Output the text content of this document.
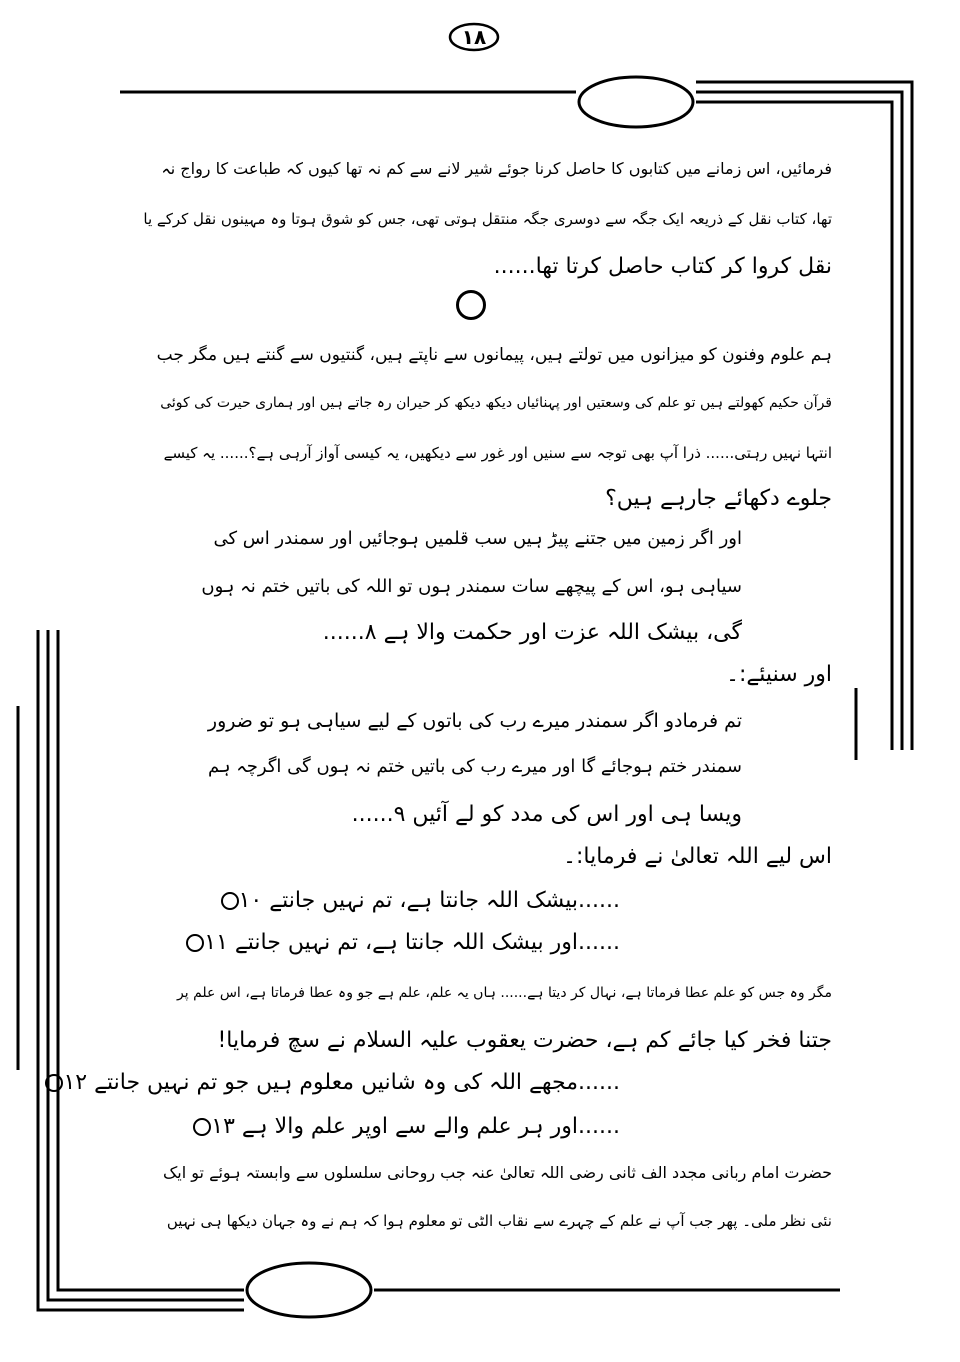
١٨
فرمائیں، اس زمانے میں کتابوں کا حاصل کرنا جوئے شیر لانے سے کم نہ تھا کیوں کہ طباعت کا رواج نہ
تھا، کتاب نقل کے ذریعہ ایک جگہ سے دوسری جگہ منتقل ہوتی تھی، جس کو شوق ہوتا وہ مہینوں نقل کرکے یا
نقل کروا کر کتاب حاصل کرتا تھا......
ہم علوم وفنون کو میزانوں میں تولتے ہیں، پیمانوں سے ناپتے ہیں، گنتیوں سے گنتے ہیں مگر جب
قرآن حکیم کھولتے ہیں تو علم کی وسعتیں اور پہنائیاں دیکھ دیکھ کر حیران رہ جاتے ہیں اور ہماری حیرت کی کوئی
انتہا نہیں رہتی...... ذرا آپ بھی توجہ سے سنیں اور غور سے دیکھیں، یہ کیسی آواز آرہی ہے؟...... یہ کیسے
جلوے دکھائے جارہے ہیں؟
اور اگر زمین میں جتنے پیڑ ہیں سب قلمیں ہوجائیں اور سمندر اس کی
سیاہی ہو، اس کے پیچھے سات سمندر ہوں تو اللہ کی باتیں ختم نہ ہوں
گی، بیشک اللہ عزت اور حکمت والا ہے ۸......
اور سنیئے:۔
تم فرمادو اگر سمندر میرے رب کی باتوں کے لیے سیاہی ہو تو ضرور
سمندر ختم ہوجائے گا اور میرے رب کی باتیں ختم نہ ہوں گی اگرچہ ہم
ویسا ہی اور اس کی مدد کو لے آئیں ۹......
اس لیے اللہ تعالیٰ نے فرمایا:۔
......بیشک اللہ جانتا ہے، تم نہیں جانتے ۱۰
......اور بیشک اللہ جانتا ہے، تم نہیں جانتے ۱۱
مگر وہ جس کو علم عطا فرماتا ہے، نہال کر دیتا ہے...... ہاں یہ علم، علم ہے جو وہ عطا فرماتا ہے، اس علم پر
جتنا فخر کیا جائے کم ہے، حضرت یعقوب علیہ السلام نے سچ فرمایا!
......مجھے اللہ کی وہ شانیں معلوم ہیں جو تم نہیں جانتے ۱۲
......اور ہر علم والے سے اوپر علم والا ہے ۱۳
حضرت امام ربانی مجدد الف ثانی رضی اللہ تعالیٰ عنہ جب روحانی سلسلوں سے وابستہ ہوئے تو ایک
نئی نظر ملی۔ پھر جب آپ نے علم کے چہرے سے نقاب الٹی تو معلوم ہوا کہ ہم نے وہ جہان دیکھا ہی نہیں
